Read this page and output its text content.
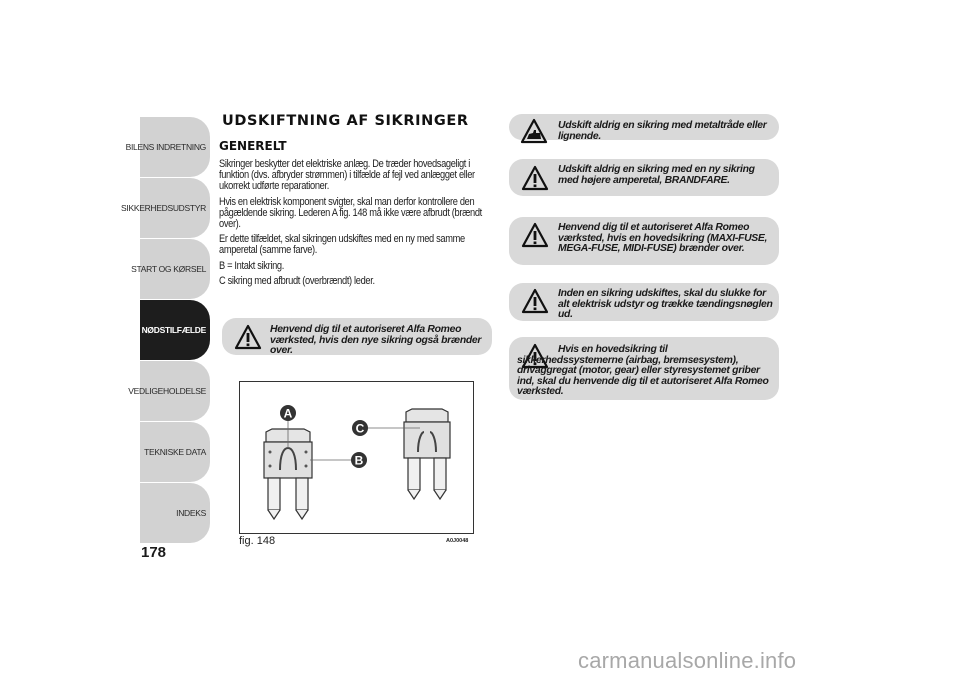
BILENS INDRETNING
SIKKERHEDSUDSTYR
START OG KØRSEL
I NØDSTILFÆLDE
VEDLIGEHOLDELSE
TEKNISKE DATA
INDEKS
178
UDSKIFTNING AF SIKRINGER
GENERELT

Sikringer beskytter det elektriske anlæg. De træder hovedsageligt i funktion (dvs. afbryder strømmen) i tilfælde af fejl ved anlægget eller ukorrekt udførte reparationer.

Hvis en elektrisk komponent svigter, skal man derfor kontrollere den pågældende sikring. Lederen A fig. 148 må ikke være afbrudt (brændt over).

Er dette tilfældet, skal sikringen udskiftes med en ny med samme amperetal (samme farve).

B = Intakt sikring.

C sikring med afbrudt (overbrændt) leder.

Henvend dig til et autoriseret Alfa Romeo værksted, hvis den nye sikring også brænder over.
A
B
C
fig. 148	A0J0048
Udskift aldrig en sikring med metaltråde eller lignende.
Udskift aldrig en sikring med en ny sikring med højere amperetal, BRANDFARE.
Henvend dig til et autoriseret Alfa Romeo værksted, hvis en hovedsikring (MAXI-FUSE, MEGA-FUSE, MIDI-FUSE) brænder over.
Inden en sikring udskiftes, skal du slukke for alt elektrisk udstyr og trække tændingsnøglen ud.
Hvis en hovedsikring til sikkerhedssystemerne (airbag, bremsesystem), drivaggregat (motor, gear) eller styresystemet griber ind, skal du henvende dig til et autoriseret Alfa Romeo værksted.
carmanualsonline.info
